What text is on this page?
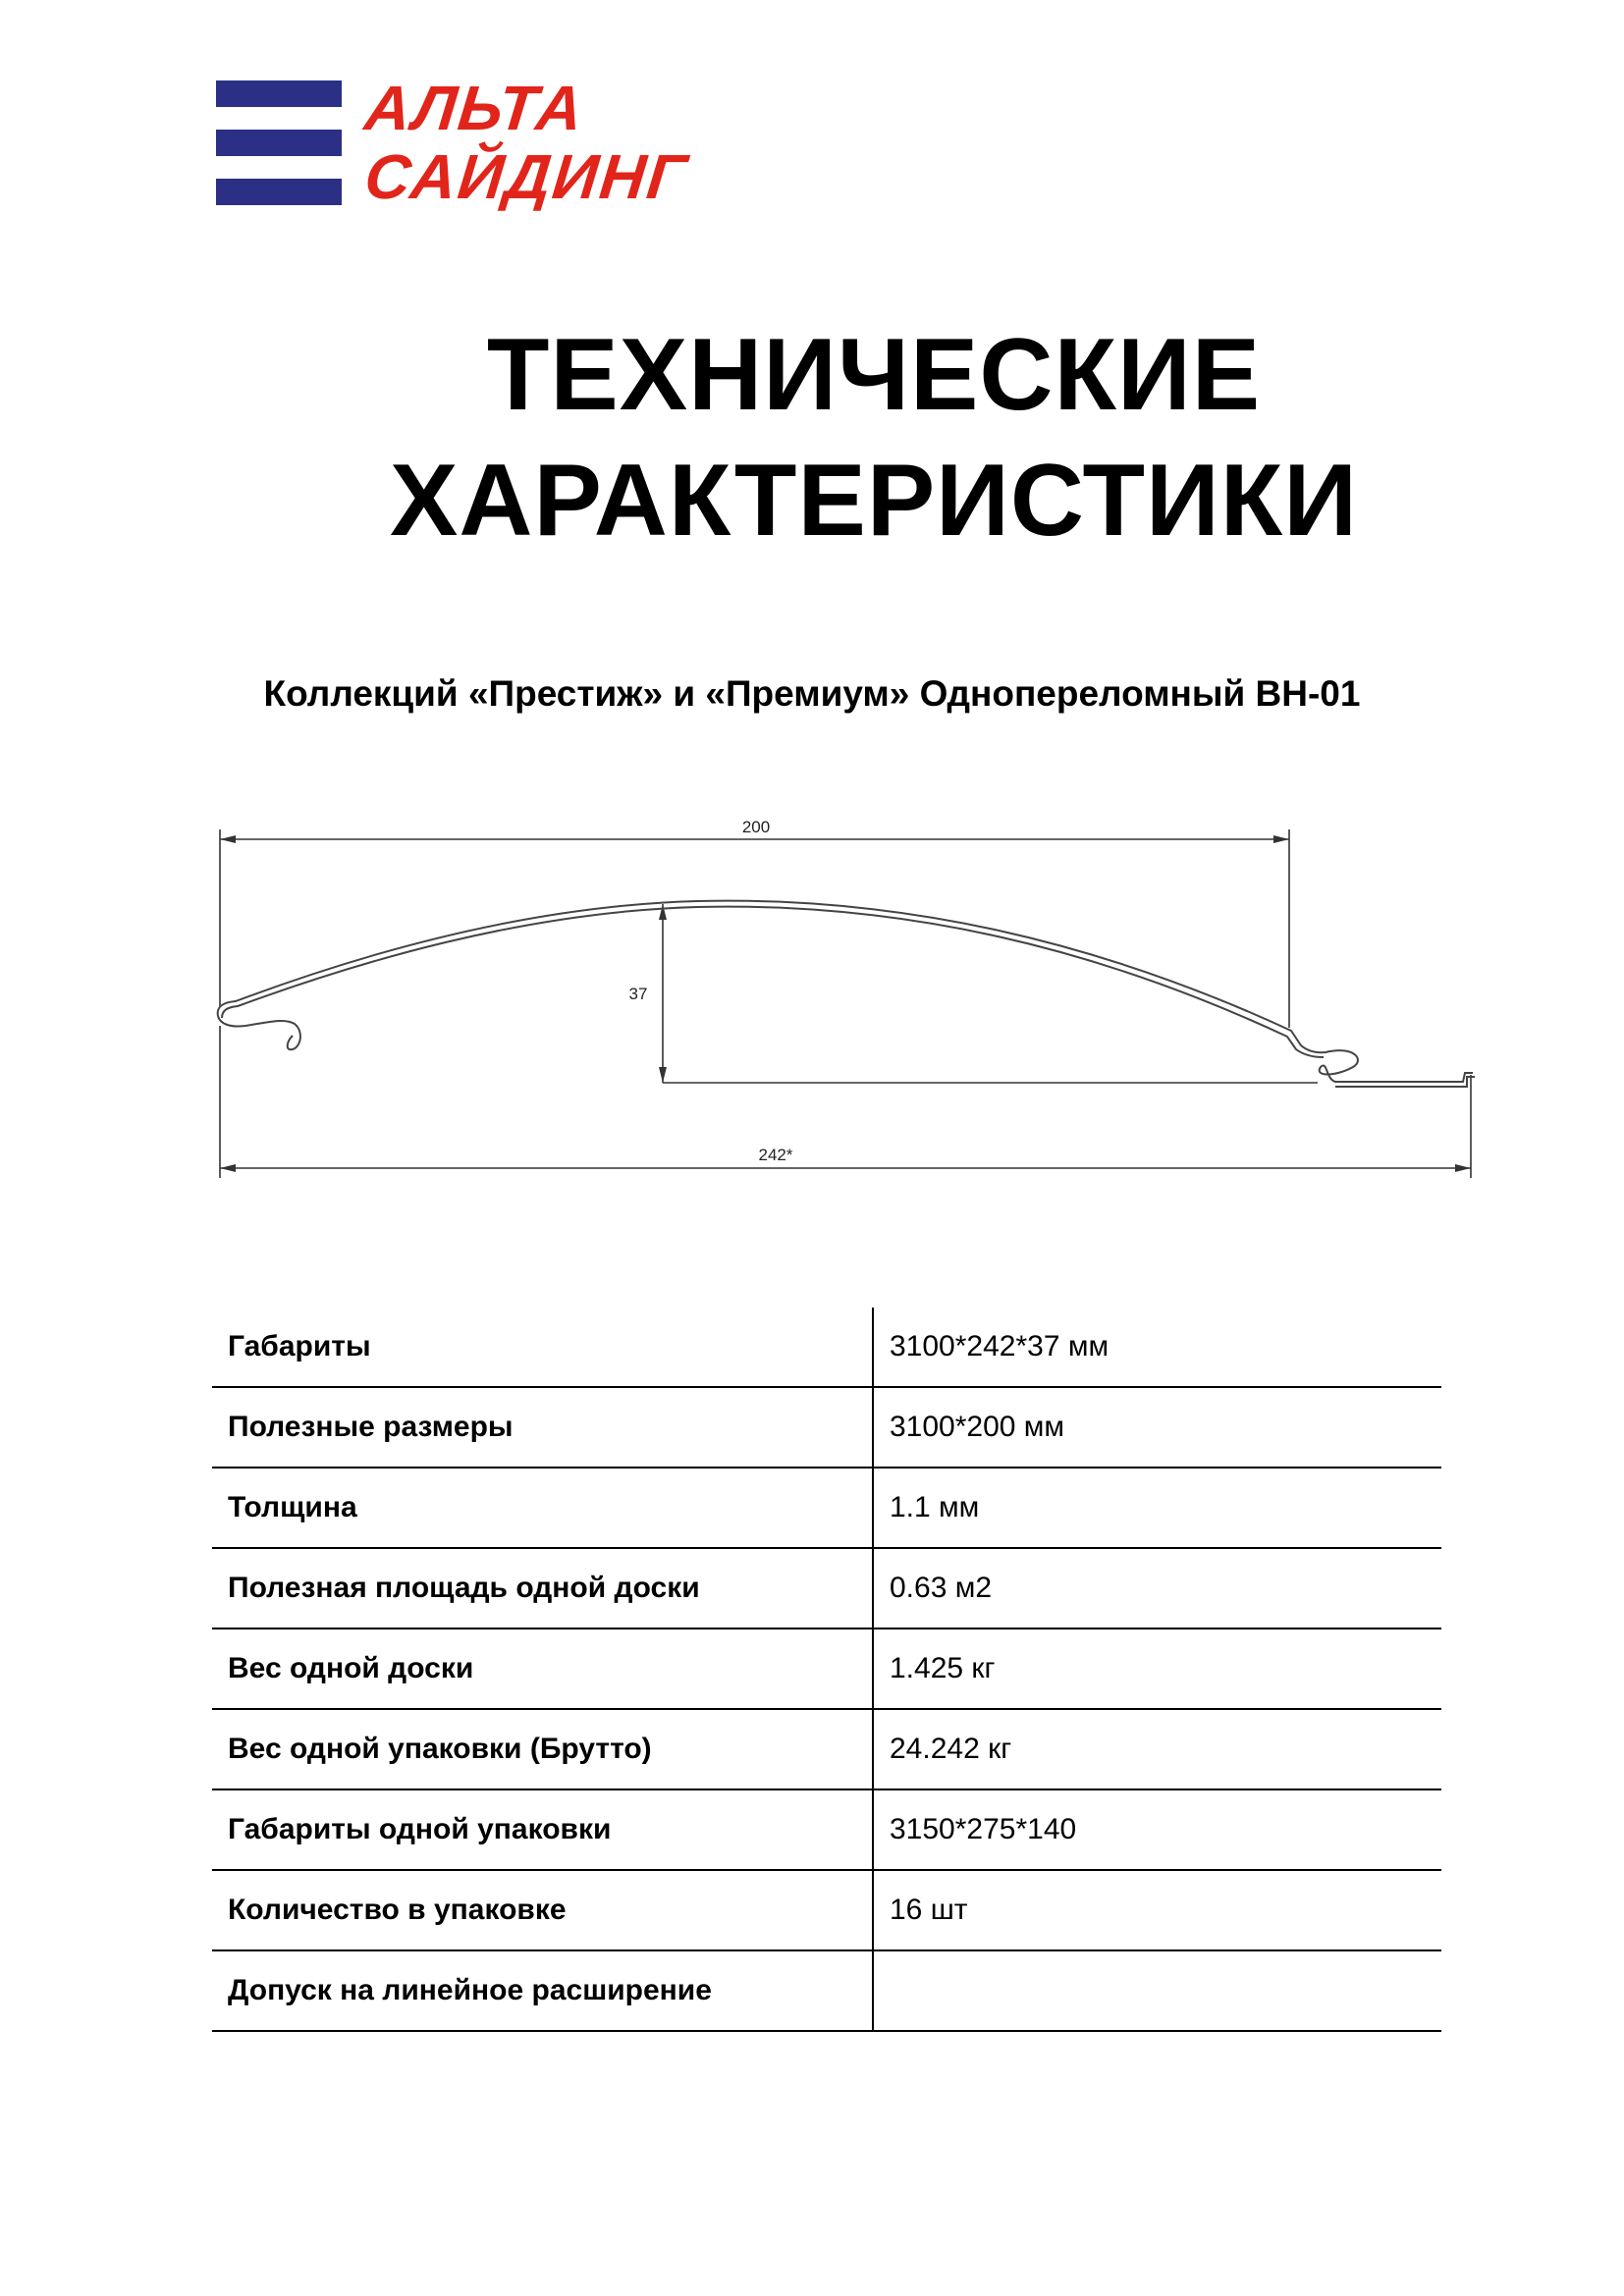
АЛЬТА
САЙДИНГ
ТЕХНИЧЕСКИЕ
ХАРАКТЕРИСТИКИ
Коллекций «Престиж» и «Премиум» Однопереломный ВН-01
200
37
242*
Габариты	3100*242*37 мм
Полезные размеры	3100*200 мм
Толщина	1.1 мм
Полезная площадь одной доски	0.63 м2
Вес одной доски	1.425 кг
Вес одной упаковки (Брутто)	24.242 кг
Габариты одной упаковки	3150*275*140
Количество в упаковке	16 шт
Допуск на линейное расширение	
